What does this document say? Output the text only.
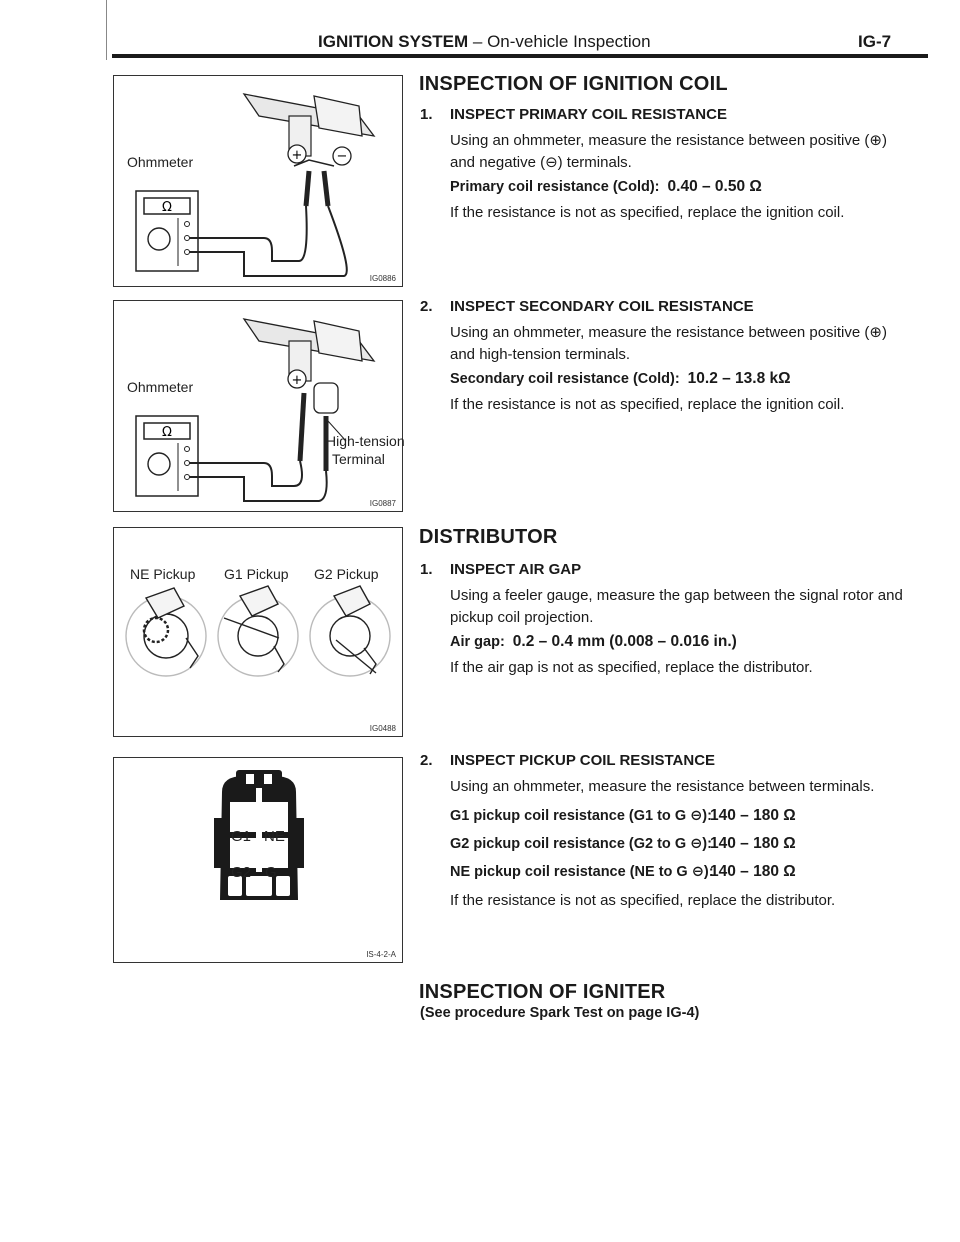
IGNITION SYSTEM – On-vehicle Inspection	IG-7
+	−
Ω
Ohmmeter
IG0886
+
Ω
Ohmmeter
High-tension
Terminal
IG0887
NE Pickup G1 Pickup G2 Pickup
IG0488
G1 NE
G2 G
IS-4-2-A
INSPECTION OF IGNITION COIL
1. INSPECT PRIMARY COIL RESISTANCE

Using an ohmmeter, measure the resistance between positive (⊕) and negative (⊖) terminals.

Primary coil resistance (Cold): 0.40 – 0.50 Ω

If the resistance is not as specified, replace the ignition coil.

2. INSPECT SECONDARY COIL RESISTANCE

Using an ohmmeter, measure the resistance between positive (⊕) and high-tension terminals.

Secondary coil resistance (Cold): 10.2 – 13.8 kΩ

If the resistance is not as specified, replace the ignition coil.

DISTRIBUTOR
1. INSPECT AIR GAP

Using a feeler gauge, measure the gap between the signal rotor and pickup coil projection.

Air gap: 0.2 – 0.4 mm (0.008 – 0.016 in.)

If the air gap is not as specified, replace the distributor.

2. INSPECT PICKUP COIL RESISTANCE

Using an ohmmeter, measure the resistance between terminals.

G1 pickup coil resistance (G1 to G ⊖):140 – 180 Ω
G2 pickup coil resistance (G2 to G ⊖):140 – 180 Ω
NE pickup coil resistance (NE to G ⊖):140 – 180 Ω

If the resistance is not as specified, replace the distributor.

INSPECTION OF IGNITER
(See procedure Spark Test on page IG-4)
